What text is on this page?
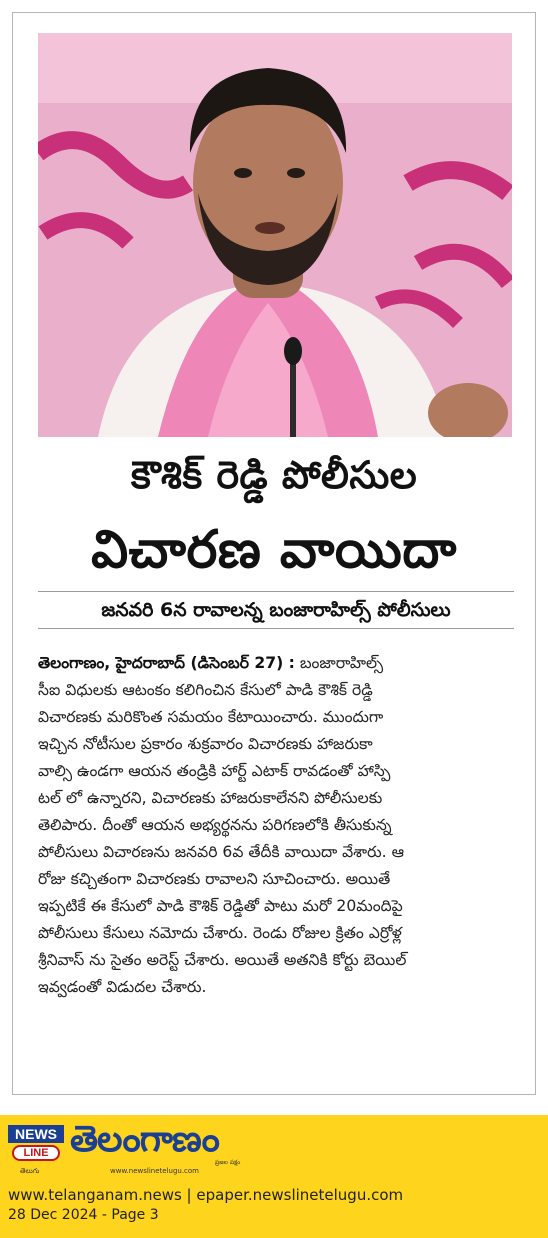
కౌశిక్ రెడ్డి పోలీసుల
విచారణ వాయిదా
జనవరి 6న రావాలన్న బంజారాహిల్స్ పోలీసులు
తెలంగాణం, హైదరాబాద్ (డిసెంబర్ 27) : బంజారాహిల్స్
సీఐ విధులకు ఆటంకం కలిగించిన కేసులో పాడి కౌశిక్ రెడ్డి
విచారణకు మరికొంత సమయం కేటాయించారు. ముందుగా
ఇచ్చిన నోటీసుల ప్రకారం శుక్రవారం విచారణకు హాజరుకా
వాల్సి ఉండగా ఆయన తండ్రికి హార్ట్ ఎటాక్ రావడంతో హాస్పి
టల్ లో ఉన్నారని, విచారణకు హాజరుకాలేనని పోలీసులకు
తెలిపారు. దీంతో ఆయన అభ్యర్థనను పరిగణలోకి తీసుకున్న
పోలీసులు విచారణను జనవరి 6వ తేదీకి వాయిదా వేశారు. ఆ
రోజు కచ్చితంగా విచారణకు రావాలని సూచించారు. అయితే
ఇప్పటికే ఈ కేసులో పాడి కౌశిక్ రెడ్డితో పాటు మరో 20మందిపై
పోలీసులు కేసులు నమోదు చేశారు. రెండు రోజుల క్రితం ఎర్రోళ్ల
శ్రీనివాస్ ను సైతం అరెస్ట్ చేశారు. అయితే అతనికి కోర్టు బెయిల్
ఇవ్వడంతో విడుదల చేశారు.
NEWS
LINE
తెలుగు
తెలంగాణం
ప్రజల పక్షం
www.newslinetelugu.com
www.telanganam.news | epaper.newslinetelugu.com
28 Dec 2024 - Page 3
